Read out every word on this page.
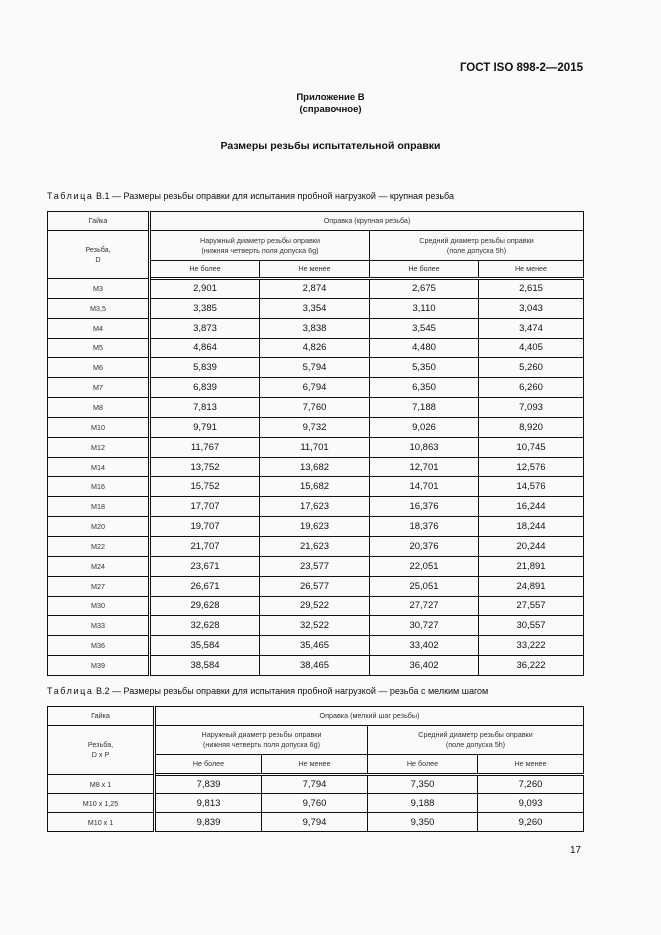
ГОСТ ISO 898-2—2015
Приложение В
(справочное)
Размеры резьбы испытательной оправки
Таблица В.1 — Размеры резьбы оправки для испытания пробной нагрузкой — крупная резьба
Гайка	Оправка (крупная резьба)			

Резьба,
D

Наружный диаметр резьбы оправки
(нижняя четверть поля допуска 6g)

Средний диаметр резьбы оправки
(поле допуска 5h)

	Не более	Не менее	Не более	Не менее
M3	2,901	2,874	2,675	2,615
M3,5	3,385	3,354	3,110	3,043
M4	3,873	3,838	3,545	3,474
M5	4,864	4,826	4,480	4,405
M6	5,839	5,794	5,350	5,260
M7	6,839	6,794	6,350	6,260
M8	7,813	7,760	7,188	7,093
M10	9,791	9,732	9,026	8,920
M12	11,767	11,701	10,863	10,745
M14	13,752	13,682	12,701	12,576
M16	15,752	15,682	14,701	14,576
M18	17,707	17,623	16,376	16,244
M20	19,707	19,623	18,376	18,244
M22	21,707	21,623	20,376	20,244
M24	23,671	23,577	22,051	21,891
M27	26,671	26,577	25,051	24,891
M30	29,628	29,522	27,727	27,557
M33	32,628	32,522	30,727	30,557
M36	35,584	35,465	33,402	33,222
M39	38,584	38,465	36,402	36,222
Таблица В.2 — Размеры резьбы оправки для испытания пробной нагрузкой — резьба с мелким шагом
Гайка	Оправка (мелкий шаг резьбы)			

Резьба,
D x P

Наружный диаметр резьбы оправки
(нижняя четверть поля допуска 6g)

Средний диаметр резьбы оправки
(поле допуска 5h)

	Не более	Не менее	Не более	Не менее
M8 x 1	7,839	7,794	7,350	7,260
M10 x 1,25	9,813	9,760	9,188	9,093
M10 x 1	9,839	9,794	9,350	9,260
17
